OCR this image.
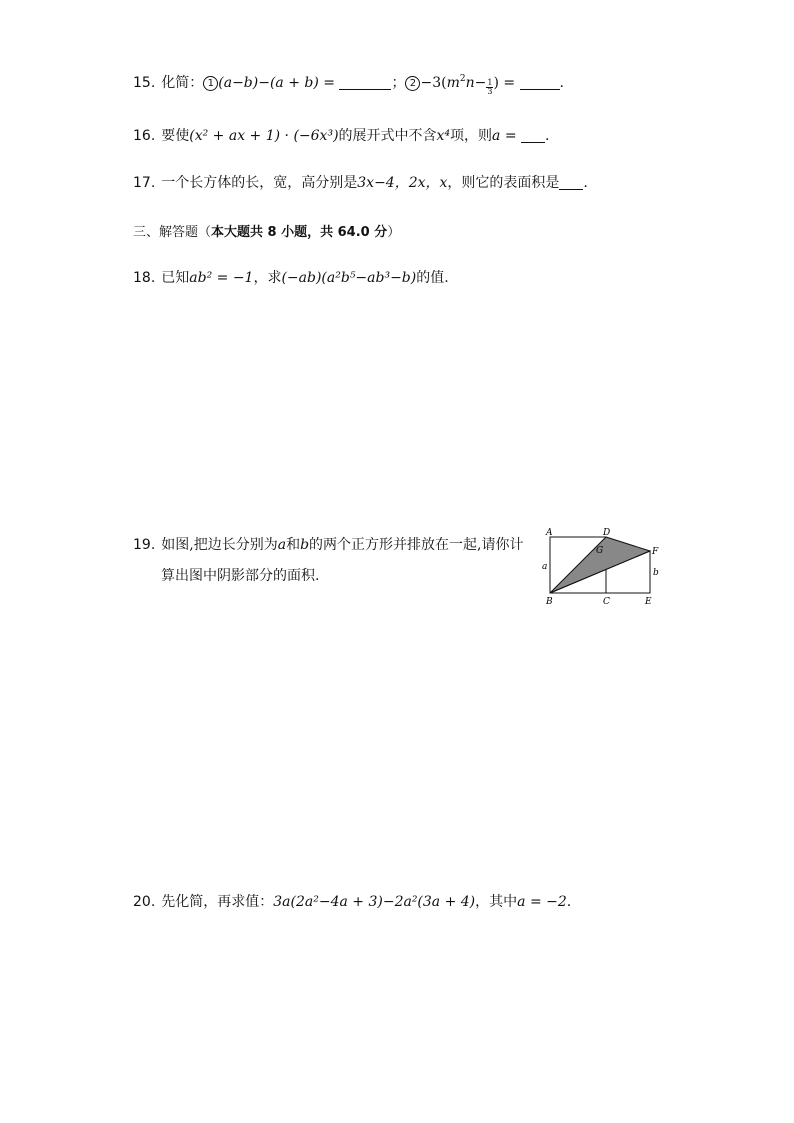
15. 化简： 1 (a−b)−(a + b) =	； $2 -3(m^2n- \frac{1}{3}$ ) =	.
16. 要使(x² + ax + 1) · (−6x³)的展开式中不含x⁴项，则a = .
17. 一个长方体的长，宽，高分别是3x−4，2x，x，则它的表面积是 .
三、解答题（本大题共 8 小题，共 64.0 分）
18. 已知ab² = −1，求(−ab)(a²b⁵−ab³−b)的值.
19. 如图,把边长分别为a和b的两个正方形并排放在一起,请你计
算出图中阴影部分的面积.
A	D
G	F
B	C	E
a
b
20. 先化简，再求值：3a(2a²−4a + 3)−2a²(3a + 4)，其中a = −2.
